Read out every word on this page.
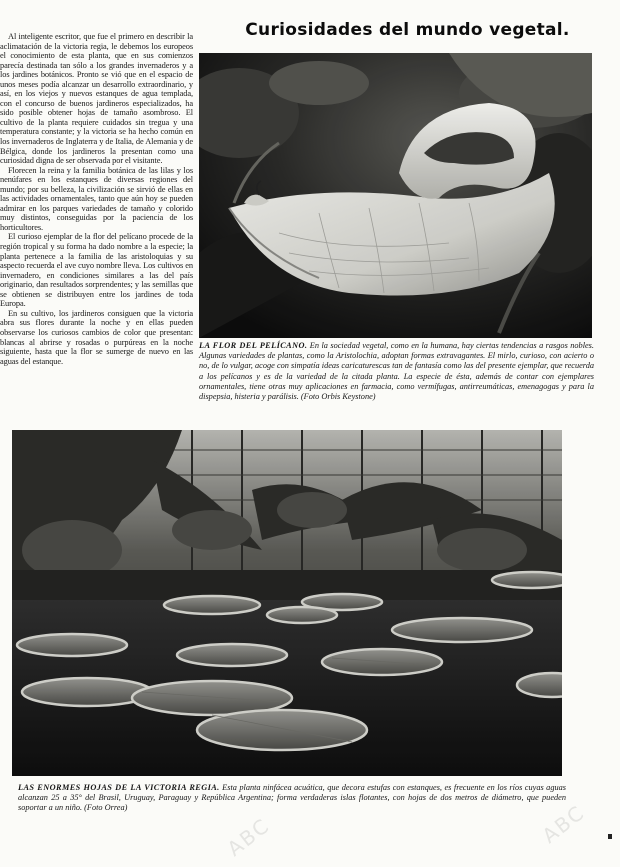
Al inteligente escritor, que fue el primero en describir la aclimatación de la victoria regia, le debemos los europeos el conocimiento de esta planta, que en sus comienzos parecía destinada tan sólo a los grandes invernaderos y a los jardines botánicos. Pronto se vió que en el espacio de unos meses podía alcanzar un desarrollo extraordinario, y así, en los viejos y nuevos estanques de agua templada, con el concurso de buenos jardineros especializados, ha sido posible obtener hojas de tamaño asombroso. El cultivo de la planta requiere cuidados sin tregua y una temperatura constante; y la victoria se ha hecho común en los invernaderos de Inglaterra y de Italia, de Alemania y de Bélgica, donde los jardineros la presentan como una curiosidad digna de ser observada por el visitante.

Florecen la reina y la familia botánica de las lilas y los nenúfares en los estanques de diversas regiones del mundo; por su belleza, la civilización se sirvió de ellas en las actividades ornamentales, tanto que aún hoy se pueden admirar en los parques variedades de tamaño y colorido muy distintos, conseguidas por la paciencia de los horticultores.

El curioso ejemplar de la flor del pelícano procede de la región tropical y su forma ha dado nombre a la especie; la planta pertenece a la familia de las aristoloquias y su aspecto recuerda el ave cuyo nombre lleva. Los cultivos en invernadero, en condiciones similares a las del país originario, dan resultados sorprendentes; y las semillas que se obtienen se distribuyen entre los jardines de toda Europa.

En su cultivo, los jardineros consiguen que la victoria abra sus flores durante la noche y en ellas pueden observarse los curiosos cambios de color que presentan: blancas al abrirse y rosadas o purpúreas en la noche siguiente, hasta que la flor se sumerge de nuevo en las aguas del estanque.

Curiosidades del mundo vegetal.

LA FLOR DEL PELÍCANO. En la sociedad vegetal, como en la humana, hay ciertas tendencias a rasgos nobles. Algunas variedades de plantas, como la Aristolochia, adoptan formas extravagantes. El mirlo, curioso, con acierto o no, de lo vulgar, acoge con simpatía ideas caricaturescas tan de fantasía como las del presente ejemplar, que recuerda a los pelícanos y es de la variedad de la citada planta. La especie de ésta, además de contar con ejemplares ornamentales, tiene otras muy aplicaciones en farmacia, como vermífugas, antirreumáticas, emenagogas y para la dispepsia, histeria y parálisis. (Foto Orbis Keystone)

LAS ENORMES HOJAS DE LA VICTORIA REGIA. Esta planta ninfácea acuática, que decora estufas con estanques, es frecuente en los ríos cuyas aguas alcanzan 25 a 35° del Brasil, Uruguay, Paraguay y República Argentina; forma verdaderas islas flotantes, con hojas de dos metros de diámetro, que pueden soportar a un niño. (Foto Orrea)	ABC
ABC
